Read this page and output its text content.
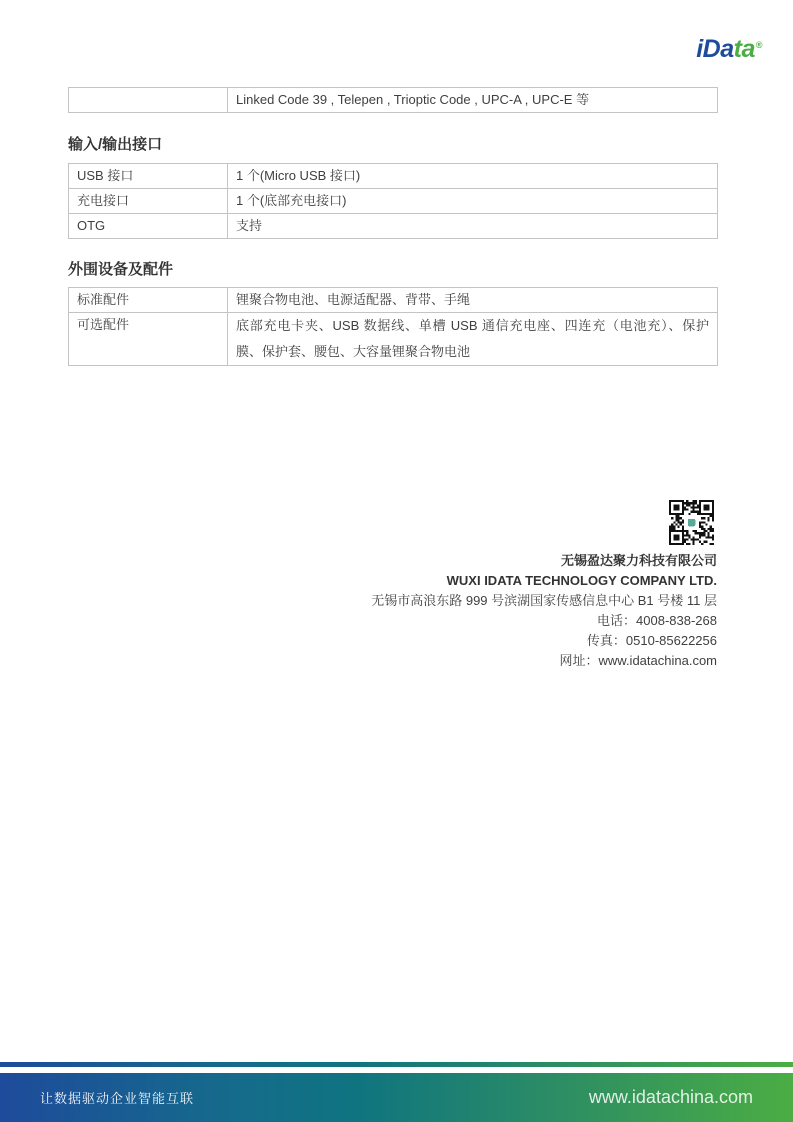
iData®
Linked Code 39 , Telepen , Trioptic Code , UPC-A , UPC-E 等
输入/输出接口
USB 接口	1 个(Micro USB 接口)
充电接口	1 个(底部充电接口)
OTG	支持
外围设备及配件
标准配件	锂聚合物电池、电源适配器、背带、手绳
可选配件	底部充电卡夹、USB 数据线、单槽 USB 通信充电座、四连充（电池充）、保护膜、保护套、腰包、大容量锂聚合物电池
无锡盈达聚力科技有限公司
WUXI IDATA TECHNOLOGY COMPANY LTD.
无锡市高浪东路 999 号滨湖国家传感信息中心 B1 号楼 11 层
电话：4008-838-268
传真：0510-85622256
网址：www.idatachina.com
让数据驱动企业智能互联	www.idatachina.com
